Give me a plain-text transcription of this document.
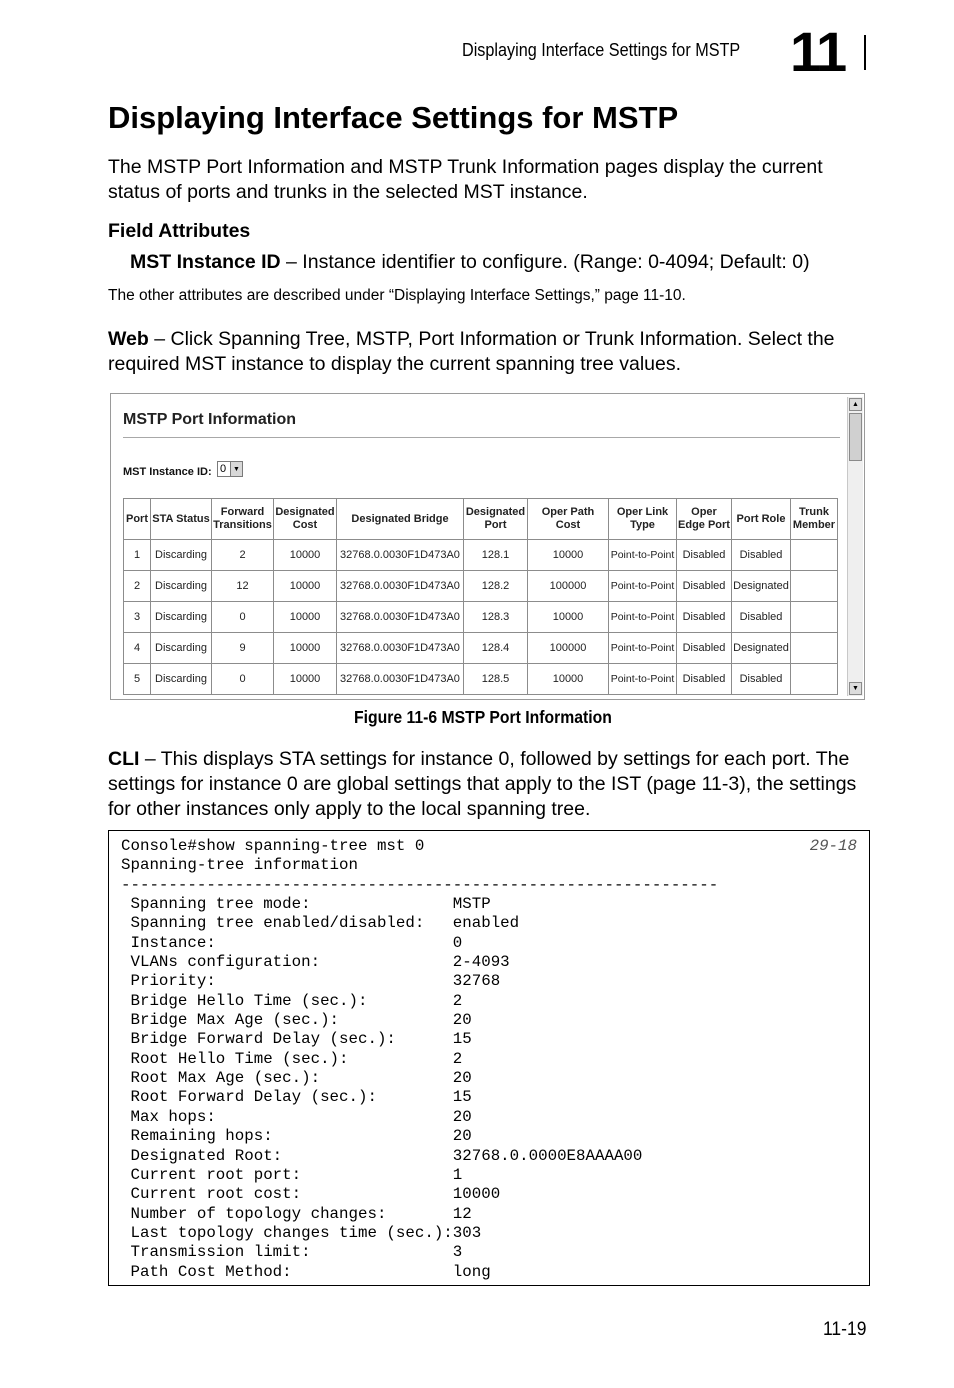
Displaying Interface Settings for MSTP 11
Displaying Interface Settings for MSTP
The MSTP Port Information and MSTP Trunk Information pages display the current status of ports and trunks in the selected MST instance.
Field Attributes
MST Instance ID – Instance identifier to configure. (Range: 0-4094; Default: 0)
The other attributes are described under “Displaying Interface Settings,” page 11-10.
Web – Click Spanning Tree, MSTP, Port Information or Trunk Information. Select the required MST instance to display the current spanning tree values.
MSTP Port Information
MST Instance ID: 0 ▼
Port	STA Status	Forward Transitions	Designated Cost	Designated Bridge	Designated Port	Oper Path Cost	Oper Link Type	Oper Edge Port	Port Role	Trunk Member
1	Discarding	2	10000	32768.0.0030F1D473A0	128.1	10000	Point-to-Point	Disabled	Disabled	
2	Discarding	12	10000	32768.0.0030F1D473A0	128.2	100000	Point-to-Point	Disabled	Designated	
3	Discarding	0	10000	32768.0.0030F1D473A0	128.3	10000	Point-to-Point	Disabled	Disabled	
4	Discarding	9	10000	32768.0.0030F1D473A0	128.4	100000	Point-to-Point	Disabled	Designated	
5	Discarding	0	10000	32768.0.0030F1D473A0	128.5	10000	Point-to-Point	Disabled	Disabled	
▲
▼
Figure 11-6 MSTP Port Information
CLI – This displays STA settings for instance 0, followed by settings for each port. The settings for instance 0 are global settings that apply to the IST (page 11-3), the settings for other instances only apply to the local spanning tree.
Console#show spanning-tree mst 0
Spanning-tree information
---------------------------------------------------------------
Spanning tree mode:               MSTP
Spanning tree enabled/disabled:   enabled
Instance:                         0
VLANs configuration:              2-4093
Priority:                         32768
Bridge Hello Time (sec.):         2
Bridge Max Age (sec.):            20
Bridge Forward Delay (sec.):      15
Root Hello Time (sec.):           2
Root Max Age (sec.):              20
Root Forward Delay (sec.):        15
Max hops:                         20
Remaining hops:                   20
Designated Root:                  32768.0.0000E8AAAA00
Current root port:                1
Current root cost:                10000
Number of topology changes:       12
Last topology changes time (sec.):303
Transmission limit:               3
Path Cost Method:                 long
29-18
11-19
